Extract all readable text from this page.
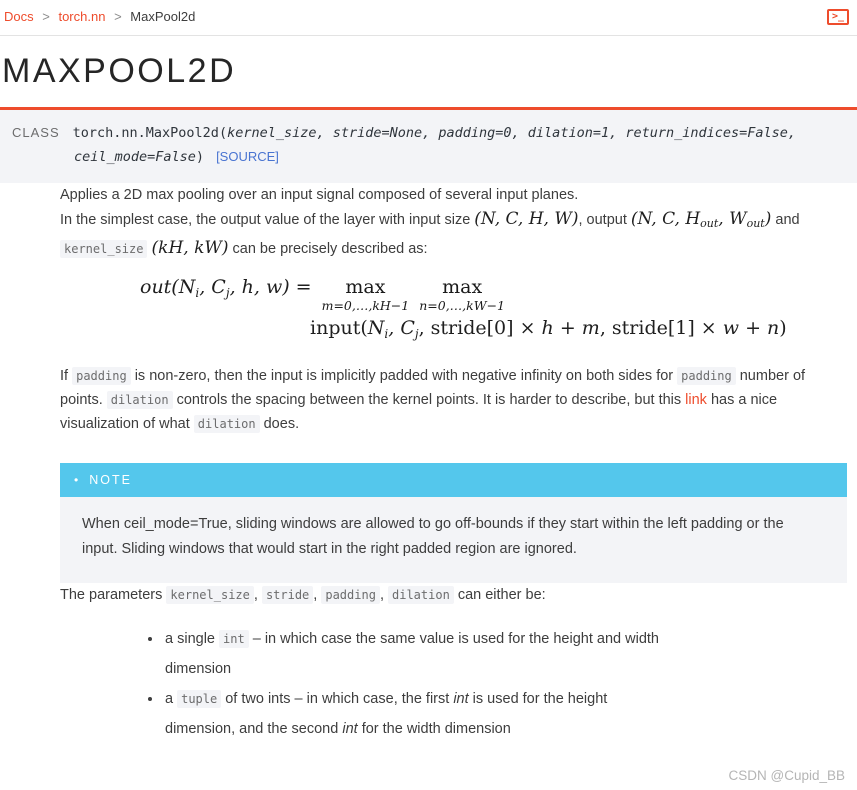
Docs > torch.nn > MaxPool2d	>_
MAXPOOL2D
CLASS torch.nn.MaxPool2d(kernel_size, stride=None, padding=0, dilation=1, return_indices=False,
ceil_mode=False) [SOURCE]

Applies a 2D max pooling over an input signal composed of several input planes.

In the simplest case, the output value of the layer with input size (N, C, H, W), output (N, C, $H_{out}$, $W_{out}$) and kernel_size (kH, kW) can be precisely described as:

$out(N_i$, $C_j$, h, w) =	max
m=0,…,kH−1
max
n=0,…,kW−1
$input(N_i$, $C_j$, stride[0] × h + m, stride[1] × w + n)

If padding is non-zero, then the input is implicitly padded with negative infinity on both sides for padding number of points. dilation controls the spacing between the kernel points. It is harder to describe, but this link has a nice visualization of what dilation does.

• NOTE
When ceil_mode=True, sliding windows are allowed to go off-bounds if they start within the left padding or the input. Sliding windows that would start in the right padded region are ignored.

The parameters kernel_size , stride , padding , dilation can either be:

• a single int – in which case the same value is used for the height and width dimension
• a tuple of two ints – in which case, the first int is used for the height dimension, and the second int for the width dimension
CSDN @Cupid_BB
